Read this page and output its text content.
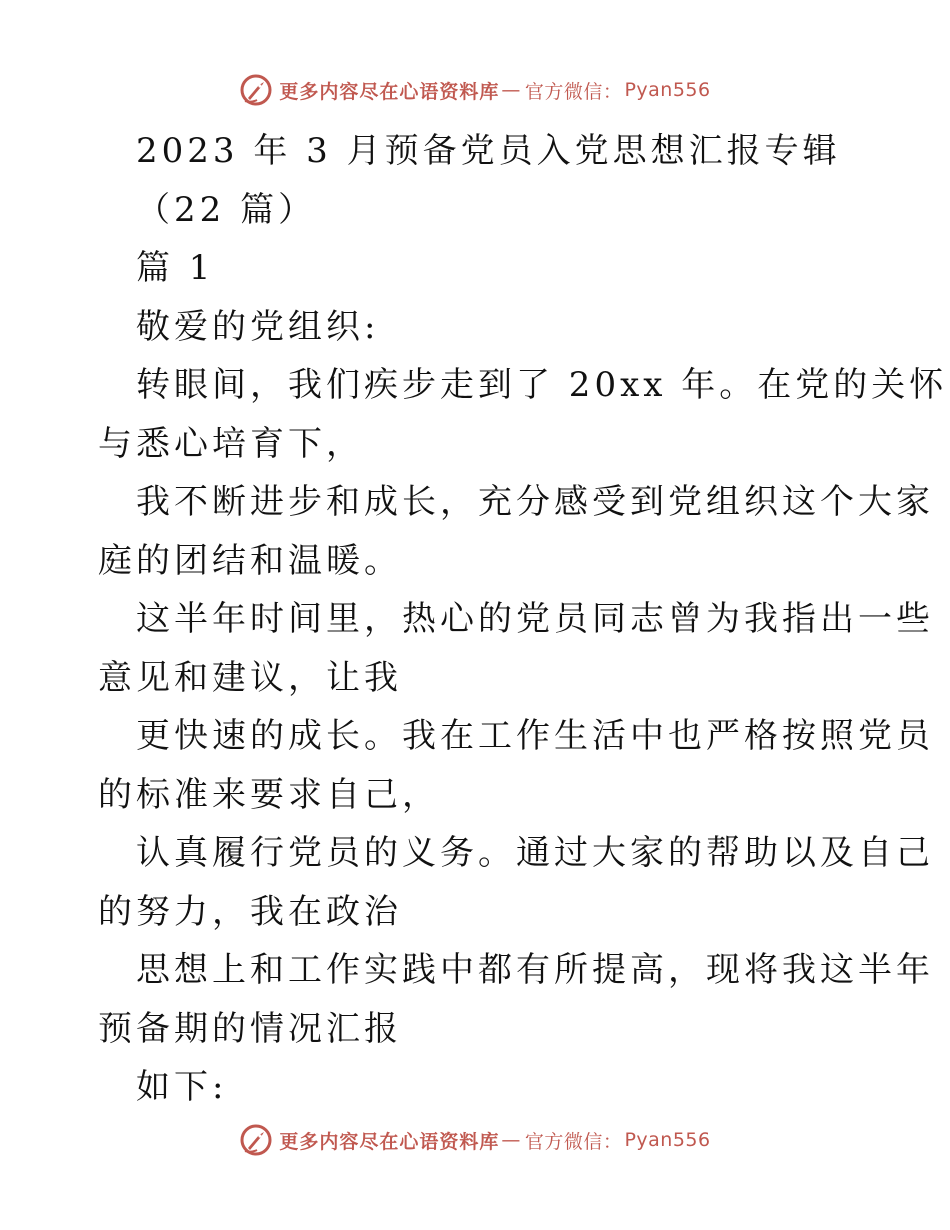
更多内容尽在心语资料库 — 官方微信： Pyan556
2023 年 3 月预备党员入党思想汇报专辑
（22 篇）
篇 1
敬爱的党组织:
转眼间，我们疾步走到了 20xx 年。在党的关怀
与悉心培育下，
我不断进步和成长，充分感受到党组织这个大家
庭的团结和温暖。
这半年时间里，热心的党员同志曾为我指出一些
意见和建议，让我
更快速的成长。我在工作生活中也严格按照党员
的标准来要求自己，
认真履行党员的义务。通过大家的帮助以及自己
的努力，我在政治
思想上和工作实践中都有所提高，现将我这半年
预备期的情况汇报
如下:
更多内容尽在心语资料库 — 官方微信： Pyan556
